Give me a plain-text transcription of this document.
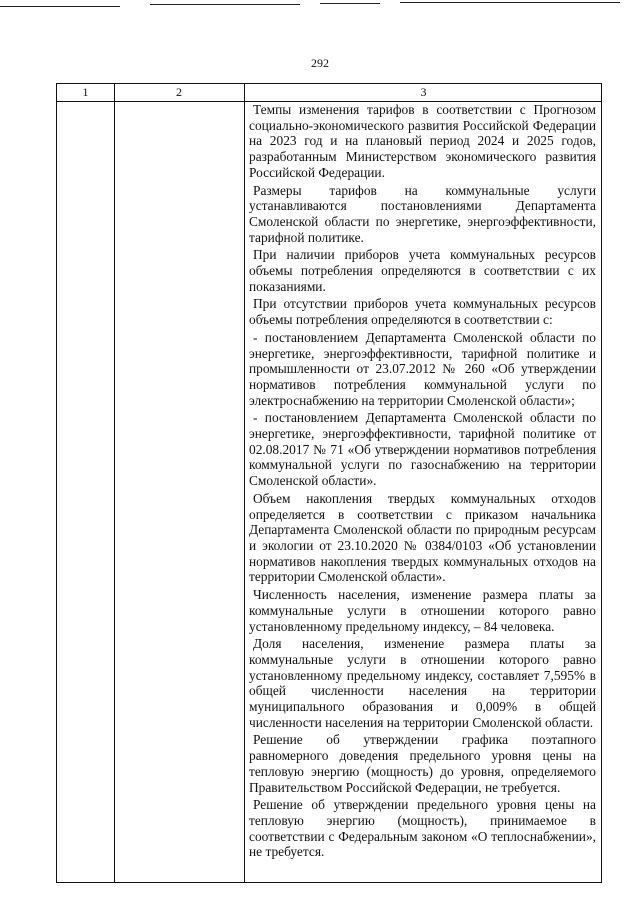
292
1	2	3

Темпы изменения тарифов в соответствии с Прогнозом социально-экономического развития Российской Федерации на 2023 год и на плановый период 2024 и 2025 годов, разработанным Министерством экономического развития Российской Федерации.

Размеры тарифов на коммунальные услуги устанавливаются постановлениями Департамента Смоленской области по энергетике, энергоэффективности, тарифной политике.

При наличии приборов учета коммунальных ресурсов объемы потребления определяются в соответствии с их показаниями.

При отсутствии приборов учета коммунальных ресурсов объемы потребления определяются в соответствии с:

- постановлением Департамента Смоленской области по энергетике, энергоэффективности, тарифной политике и промышленности от 23.07.2012 № 260 «Об утверждении нормативов потребления коммунальной услуги по электроснабжению на территории Смоленской области»;

- постановлением Департамента Смоленской области по энергетике, энергоэффективности, тарифной политике от 02.08.2017 № 71 «Об утверждении нормативов потребления коммунальной услуги по газоснабжению на территории Смоленской области».

Объем накопления твердых коммунальных отходов определяется в соответствии с приказом начальника Департамента Смоленской области по природным ресурсам и экологии от 23.10.2020 № 0384/0103 «Об установлении нормативов накопления твердых коммунальных отходов на территории Смоленской области».

Численность населения, изменение размера платы за коммунальные услуги в отношении которого равно установленному предельному индексу, – 84 человека.

Доля населения, изменение размера платы за коммунальные услуги в отношении которого равно установленному предельному индексу, составляет 7,595% в общей численности населения на территории муниципального образования и 0,009% в общей численности населения на территории Смоленской области.

Решение об утверждении графика поэтапного равномерного доведения предельного уровня цены на тепловую энергию (мощность) до уровня, определяемого Правительством Российской Федерации, не требуется.

Решение об утверждении предельного уровня цены на тепловую энергию (мощность), принимаемое в соответствии с Федеральным законом «О теплоснабжении», не требуется.
